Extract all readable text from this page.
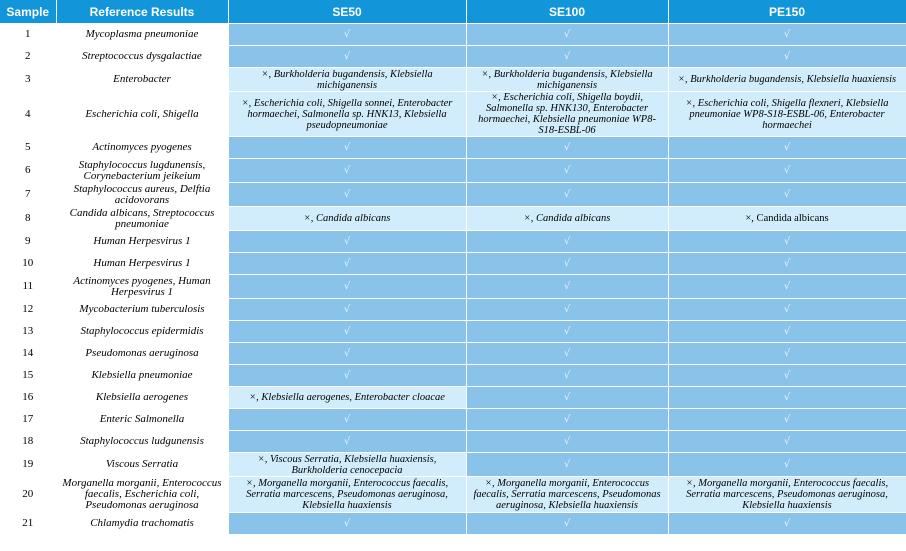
Sample	Reference Results	SE50	SE100	PE150
1	Mycoplasma pneumoniae	√	√	√
2	Streptococcus dysgalactiae	√	√	√
3	Enterobacter	×, Burkholderia bugandensis, Klebsiella michiganensis	×, Burkholderia bugandensis, Klebsiella michiganensis	×, Burkholderia bugandensis, Klebsiella huaxiensis
4	Escherichia coli, Shigella	×, Escherichia coli, Shigella sonnei, Enterobacter hormaechei, Salmonella sp. HNK13, Klebsiella pseudopneumoniae	×, Escherichia coli, Shigella boydii, Salmonella sp. HNK130, Enterobacter hormaechei, Klebsiella pneumoniae WP8-S18-ESBL-06	×, Escherichia coli, Shigella flexneri, Klebsiella pneumoniae WP8-S18-ESBL-06, Enterobacter hormaechei
5	Actinomyces pyogenes	√	√	√
6	Staphylococcus lugdunensis, Corynebacterium jeikeium	√	√	√
7	Staphylococcus aureus, Delftia acidovorans	√	√	√
8	Candida albicans, Streptococcus pneumoniae	×, Candida albicans	×, Candida albicans	×, Candida albicans
9	Human Herpesvirus 1	√	√	√
10	Human Herpesvirus 1	√	√	√
11	Actinomyces pyogenes, Human Herpesvirus 1	√	√	√
12	Mycobacterium tuberculosis	√	√	√
13	Staphylococcus epidermidis	√	√	√
14	Pseudomonas aeruginosa	√	√	√
15	Klebsiella pneumoniae	√	√	√
16	Klebsiella aerogenes	×, Klebsiella aerogenes, Enterobacter cloacae	√	√
17	Enteric Salmonella	√	√	√
18	Staphylococcus ludgunensis	√	√	√
19	Viscous Serratia	×, Viscous Serratia, Klebsiella huaxiensis, Burkholderia cenocepacia	√	√
20	Morganella morganii, Enterococcus faecalis, Escherichia coli, Pseudomonas aeruginosa	×, Morganella morganii, Enterococcus faecalis, Serratia marcescens, Pseudomonas aeruginosa, Klebsiella huaxiensis	×, Morganella morganii, Enterococcus faecalis, Serratia marcescens, Pseudomonas aeruginosa, Klebsiella huaxiensis	×, Morganella morganii, Enterococcus faecalis, Serratia marcescens, Pseudomonas aeruginosa, Klebsiella huaxiensis
21	Chlamydia trachomatis	√	√	√
